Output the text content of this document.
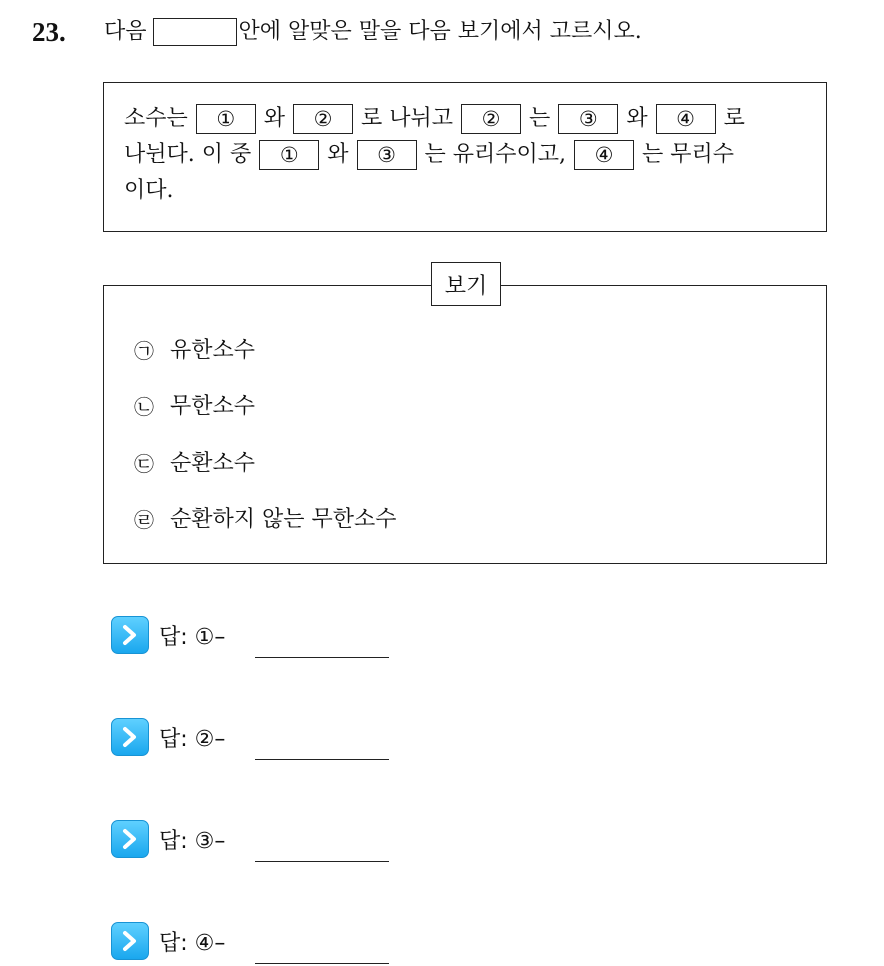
23. 다음	안에 알맞은 말을 다음 보기에서 고르시오.
소수는	①	와	②	로 나뉘고	②	는	③	와	④	로
나뉜다. 이 중	①	와	③	는 유리수이고,	④	는 무리수
이다.
보기
㉠ 유한소수
㉡ 무한소수
㉢ 순환소수
㉣ 순환하지 않는 무한소수
답: ①–
답: ②–
답: ③–
답: ④–
